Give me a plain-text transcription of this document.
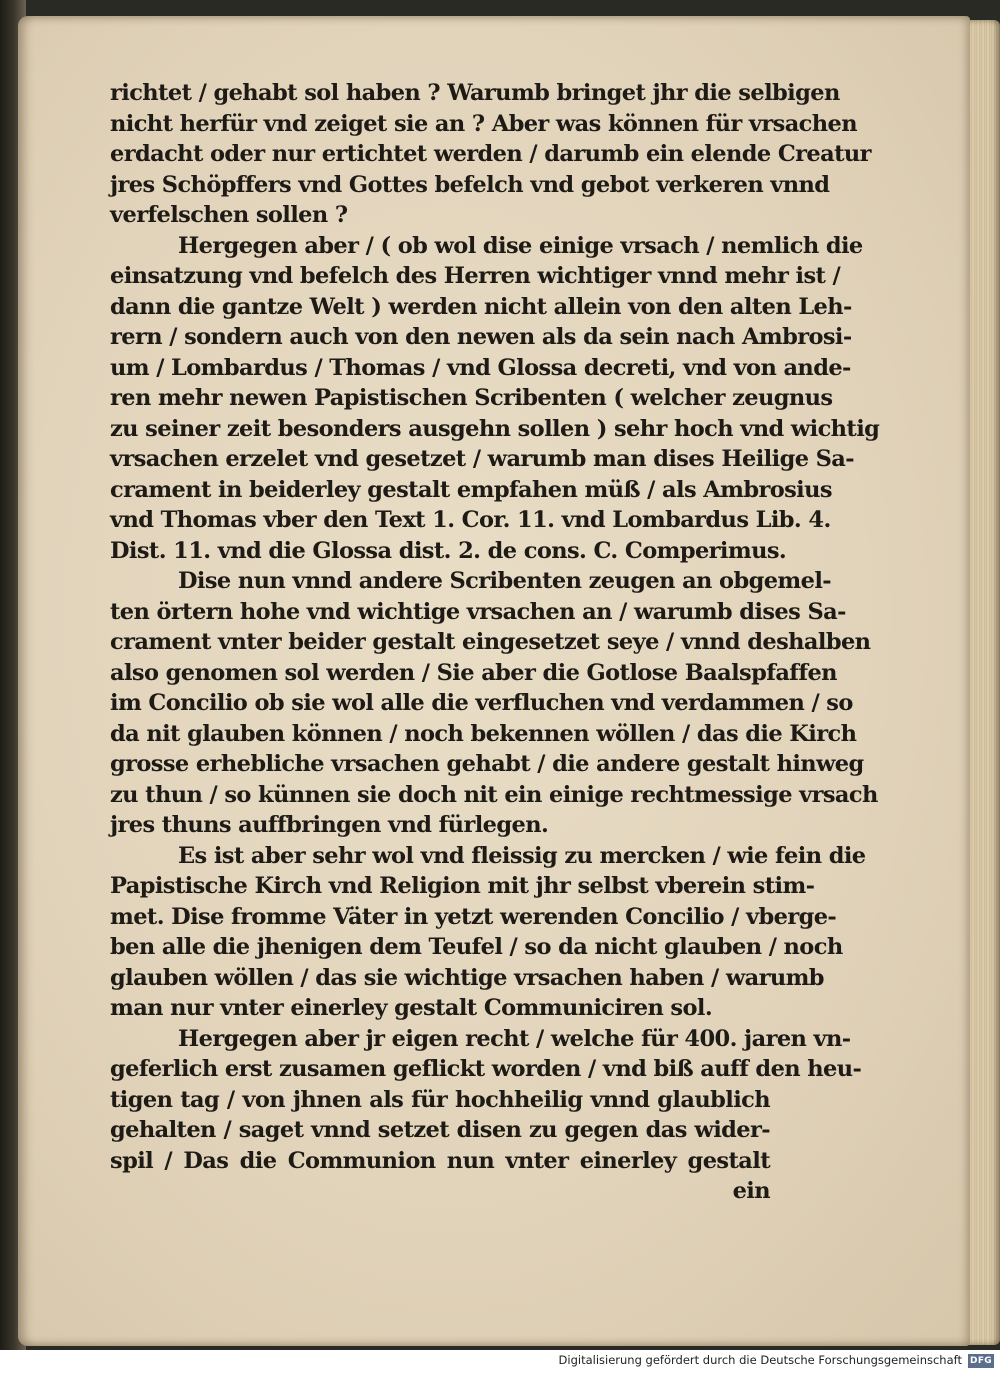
richtet / gehabt sol haben ? Warumb bringet jhr die selbigen
nicht herfür vnd zeiget sie an ? Aber was können für vrsachen
erdacht oder nur ertichtet werden / darumb ein elende Creatur
jres Schöpffers vnd Gottes befelch vnd gebot verkeren vnnd
verfelschen sollen ?
Hergegen aber / ( ob wol dise einige vrsach / nemlich die
einsatzung vnd befelch des Herren wichtiger vnnd mehr ist /
dann die gantze Welt ) werden nicht allein von den alten Leh-
rern / sondern auch von den newen als da sein nach Ambrosi-
um / Lombardus / Thomas / vnd Glossa decreti, vnd von ande-
ren mehr newen Papistischen Scribenten ( welcher zeugnus
zu seiner zeit besonders ausgehn sollen ) sehr hoch vnd wichtig
vrsachen erzelet vnd gesetzet / warumb man dises Heilige Sa-
crament in beiderley gestalt empfahen müß / als Ambrosius
vnd Thomas vber den Text 1. Cor. 11. vnd Lombardus Lib. 4.
Dist. 11. vnd die Glossa dist. 2. de cons. C. Comperimus.
Dise nun vnnd andere Scribenten zeugen an obgemel-
ten örtern hohe vnd wichtige vrsachen an / warumb dises Sa-
crament vnter beider gestalt eingesetzet seye / vnnd deshalben
also genomen sol werden / Sie aber die Gotlose Baalspfaffen
im Concilio ob sie wol alle die verfluchen vnd verdammen / so
da nit glauben können / noch bekennen wöllen / das die Kirch
grosse erhebliche vrsachen gehabt / die andere gestalt hinweg
zu thun / so künnen sie doch nit ein einige rechtmessige vrsach
jres thuns auffbringen vnd fürlegen.
Es ist aber sehr wol vnd fleissig zu mercken / wie fein die
Papistische Kirch vnd Religion mit jhr selbst vberein stim-
met. Dise fromme Väter in yetzt werenden Concilio / vberge-
ben alle die jhenigen dem Teufel / so da nicht glauben / noch
glauben wöllen / das sie wichtige vrsachen haben / warumb
man nur vnter einerley gestalt Communiciren sol.
Hergegen aber jr eigen recht / welche für 400. jaren vn-
geferlich erst zusamen geflickt worden / vnd biß auff den heu-
tigen tag / von jhnen als für hochheilig vnnd glaublich
gehalten / saget vnnd setzet disen zu gegen das wider-
spil / Das die Communion nun vnter einerley gestalt
ein
Digitalisierung gefördert durch die Deutsche Forschungsgemeinschaft DFG
